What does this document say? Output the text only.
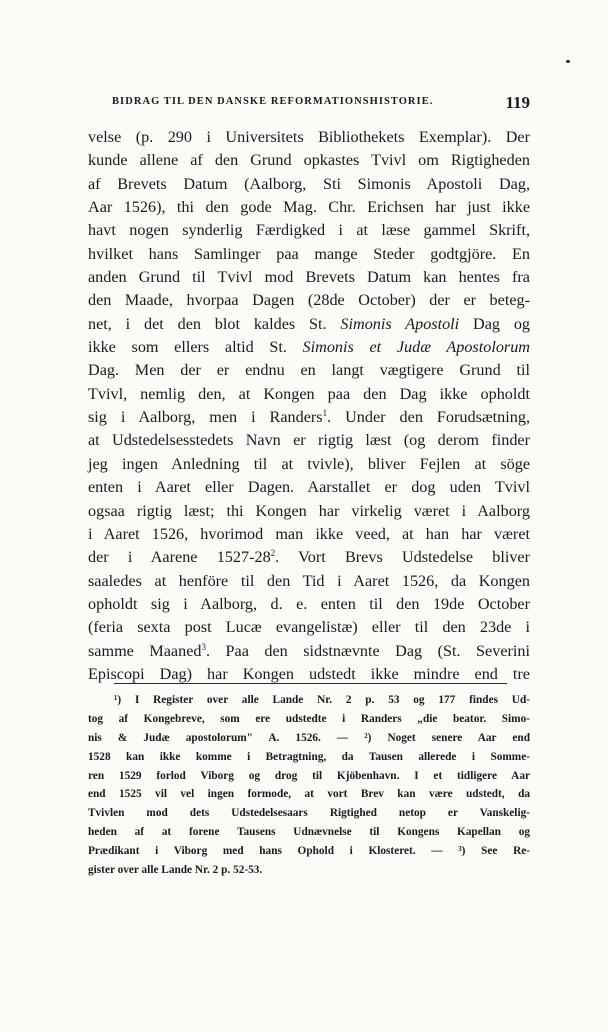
BIDRAG TIL DEN DANSKE REFORMATIONSHISTORIE.	119
velse (p. 290 i Universitets Bibliothekets Exemplar). Der
kunde allene af den Grund opkastes Tvivl om Rigtigheden
af Brevets Datum (Aalborg, Sti Simonis Apostoli Dag,
Aar 1526), thi den gode Mag. Chr. Erichsen har just ikke
havt nogen synderlig Færdigked i at læse gammel Skrift,
hvilket hans Samlinger paa mange Steder godtgjöre. En
anden Grund til Tvivl mod Brevets Datum kan hentes fra
den Maade, hvorpaa Dagen (28de October) der er beteg-
net, i det den blot kaldes St. Simonis Apostoli Dag og
ikke som ellers altid St. Simonis et Judæ Apostolorum
Dag. Men der er endnu en langt vægtigere Grund til
Tvivl, nemlig den, at Kongen paa den Dag ikke opholdt
sig i Aalborg, men i Randers$^1$. Under den Forudsætning,
at Udstedelsesstedets Navn er rigtig læst (og derom finder
jeg ingen Anledning til at tvivle), bliver Fejlen at söge
enten i Aaret eller Dagen. Aarstallet er dog uden Tvivl
ogsaa rigtig læst; thi Kongen har virkelig været i Aalborg
i Aaret 1526, hvorimod man ikke veed, at han har været
der i Aarene $1527-28^2$. Vort Brevs Udstedelse bliver
saaledes at henföre til den Tid i Aaret 1526, da Kongen
opholdt sig i Aalborg, d. e. enten til den 19de October
(feria sexta post Lucæ evangelistæ) eller til den 23de i
samme Maaned$^3$. Paa den sidstnævnte Dag (St. Severini
Episcopi Dag) har Kongen udstedt ikke mindre end tre
¹) I Register over alle Lande Nr. 2 p. 53 og 177 findes Ud-
tog af Kongebreve, som ere udstedte i Randers „die beator. Simo-
nis & Judæ apostolorum" A. 1526. — ²) Noget senere Aar end
1528 kan ikke komme i Betragtning, da Tausen allerede i Somme-
ren 1529 forlod Viborg og drog til Kjöbenhavn. I et tidligere Aar
end 1525 vil vel ingen formode, at vort Brev kan være udstedt, da
Tvivlen mod dets Udstedelsesaars Rigtighed netop er Vanskelig-
heden af at forene Tausens Udnævnelse til Kongens Kapellan og
Prædikant i Viborg med hans Ophold i Klosteret. — ³) See Re-
gister over alle Lande Nr. 2 p. 52-53.
